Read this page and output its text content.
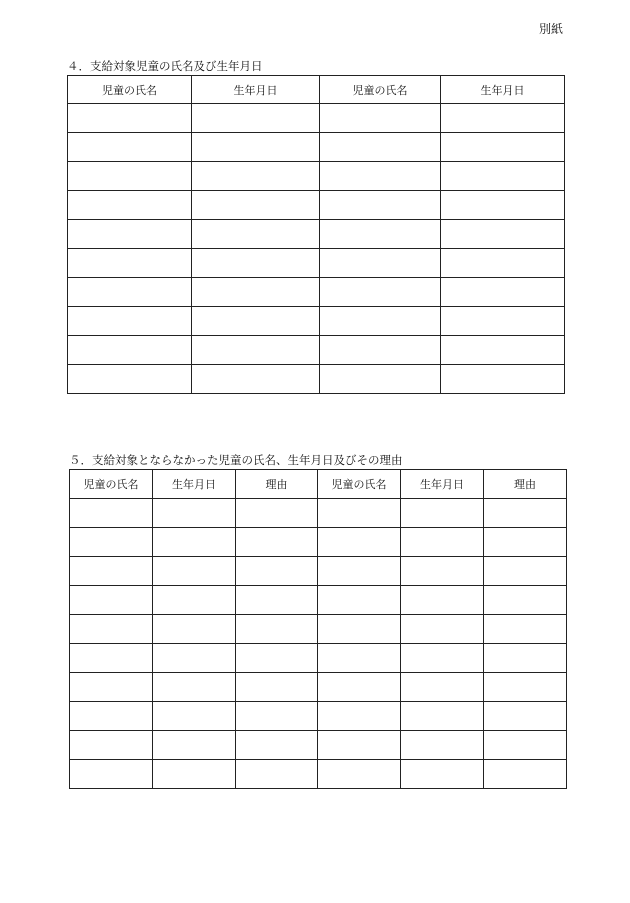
別紙
４．支給対象児童の氏名及び生年月日
児童の氏名	生年月日	児童の氏名	生年月日

５．支給対象とならなかった児童の氏名、生年月日及びその理由
児童の氏名	生年月日	理由	児童の氏名	生年月日	理由
